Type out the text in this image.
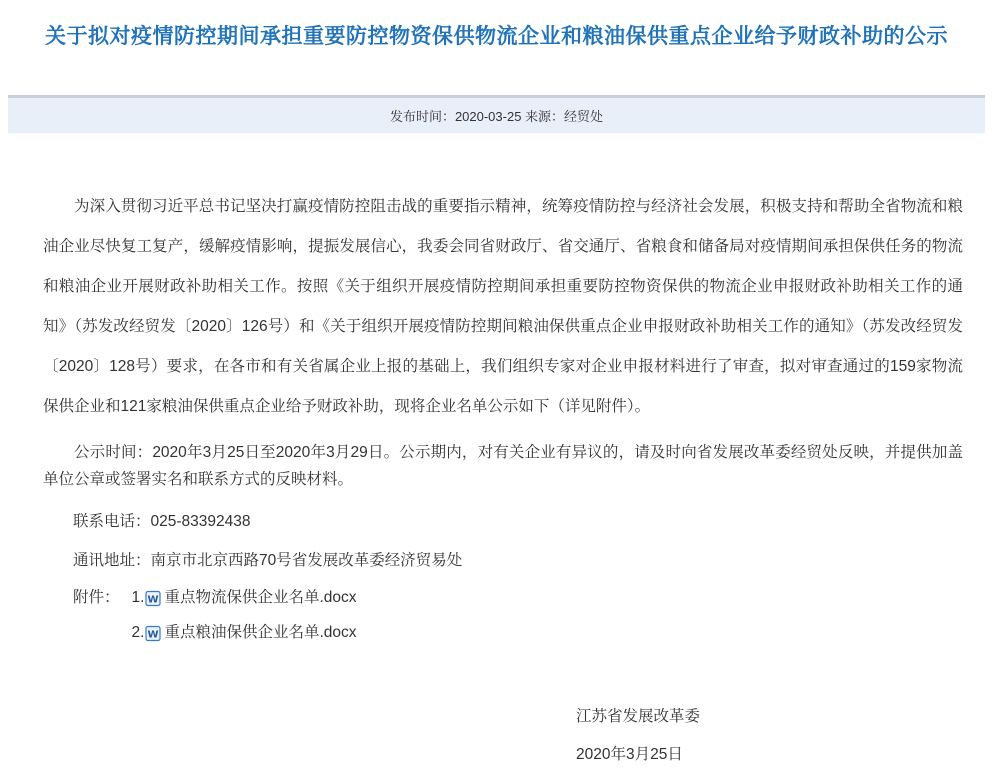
关于拟对疫情防控期间承担重要防控物资保供物流企业和粮油保供重点企业给予财政补助的公示
发布时间：2020-03-25 来源：经贸处

为深入贯彻习近平总书记坚决打赢疫情防控阻击战的重要指示精神，统筹疫情防控与经济社会发展，积极支持和帮助全省物流和粮油企业尽快复工复产，缓解疫情影响，提振发展信心，我委会同省财政厅、省交通厅、省粮食和储备局对疫情期间承担保供任务的物流和粮油企业开展财政补助相关工作。按照《关于组织开展疫情防控期间承担重要防控物资保供的物流企业申报财政补助相关工作的通知》（苏发改经贸发〔2020〕126号）和《关于组织开展疫情防控期间粮油保供重点企业申报财政补助相关工作的通知》（苏发改经贸发〔2020〕128号）要求，在各市和有关省属企业上报的基础上，我们组织专家对企业申报材料进行了审查，拟对审查通过的159家物流保供企业和121家粮油保供重点企业给予财政补助，现将企业名单公示如下（详见附件）。

公示时间：2020年3月25日至2020年3月29日。公示期内，对有关企业有异议的，请及时向省发展改革委经贸处反映，并提供加盖单位公章或签署实名和联系方式的反映材料。

联系电话：025-83392438
通讯地址：南京市北京西路70号省发展改革委经济贸易处
附件： 1. W 重点物流保供企业名单.docx
2. W 重点粮油保供企业名单.docx
江苏省发展改革委
2020年3月25日
